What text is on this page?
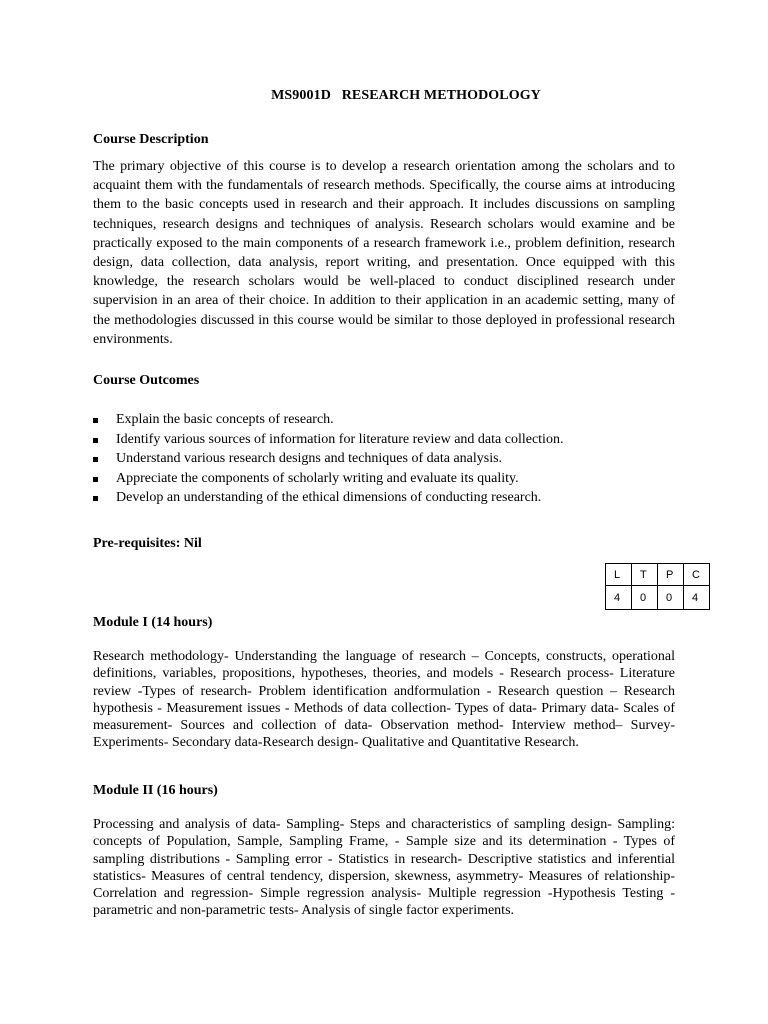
MS9001D   RESEARCH METHODOLOGY
Course Description
The primary objective of this course is to develop a research orientation among the scholars and to acquaint them with the fundamentals of research methods. Specifically, the course aims at introducing them to the basic concepts used in research and their approach. It includes discussions on sampling techniques, research designs and techniques of analysis. Research scholars would examine and be practically exposed to the main components of a research framework i.e., problem definition, research design, data collection, data analysis, report writing, and presentation. Once equipped with this knowledge, the research scholars would be well-placed to conduct disciplined research under supervision in an area of their choice. In addition to their application in an academic setting, many of the methodologies discussed in this course would be similar to those deployed in professional research environments.
Course Outcomes
Explain the basic concepts of research.
Identify various sources of information for literature review and data collection.
Understand various research designs and techniques of data analysis.
Appreciate the components of scholarly writing and evaluate its quality.
Develop an understanding of the ethical dimensions of conducting research.
Pre-requisites: Nil
L	T	P	C
4	0	0	4
Module I (14 hours)
Research methodology- Understanding the language of research – Concepts, constructs, operational definitions, variables, propositions, hypotheses, theories, and models - Research process- Literature review -Types of research- Problem identification andformulation - Research question – Research hypothesis - Measurement issues - Methods of data collection- Types of data- Primary data- Scales of measurement- Sources and collection of data- Observation method- Interview method– Survey- Experiments- Secondary data-Research design- Qualitative and Quantitative Research.
Module II (16 hours)
Processing and analysis of data- Sampling- Steps and characteristics of sampling design- Sampling: concepts of Population, Sample, Sampling Frame, - Sample size and its determination - Types of sampling distributions - Sampling error - Statistics in research- Descriptive statistics and inferential statistics- Measures of central tendency, dispersion, skewness, asymmetry- Measures of relationship- Correlation and regression- Simple regression analysis- Multiple regression -Hypothesis Testing - parametric and non-parametric tests- Analysis of single factor experiments.
